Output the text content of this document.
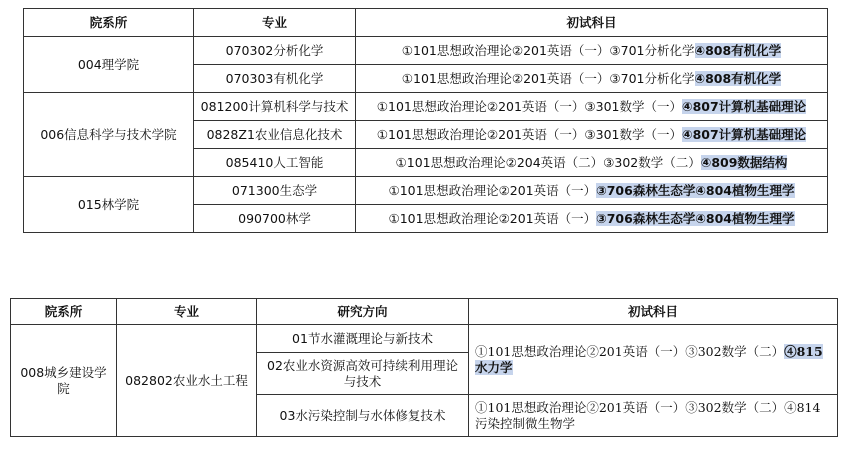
院系所	专业	初试科目
004理学院	070302分析化学	①101思想政治理论②201英语（一）③701分析化学④808有机化学
	070303有机化学	①101思想政治理论②201英语（一）③701分析化学④808有机化学
006信息科学与技术学院	081200计算机科学与技术	①101思想政治理论②201英语（一）③301数学（一）④807计算机基础理论
	0828Z1农业信息化技术	①101思想政治理论②201英语（一）③301数学（一）④807计算机基础理论
	085410人工智能	①101思想政治理论②204英语（二）③302数学（二）④809数据结构
015林学院	071300生态学	①101思想政治理论②201英语（一）③706森林生态学④804植物生理学
	090700林学	①101思想政治理论②201英语（一）③706森林生态学④804植物生理学
院系所	专业	研究方向	初试科目
008城乡建设学院	082802农业水土工程	01节水灌溉理论与新技术	①101思想政治理论②201英语（一）③302数学（二）④815水力学
		02农业水资源高效可持续利用理论与技术	
		03水污染控制与水体修复技术	①101思想政治理论②201英语（一）③302数学（二）④814污染控制微生物学
